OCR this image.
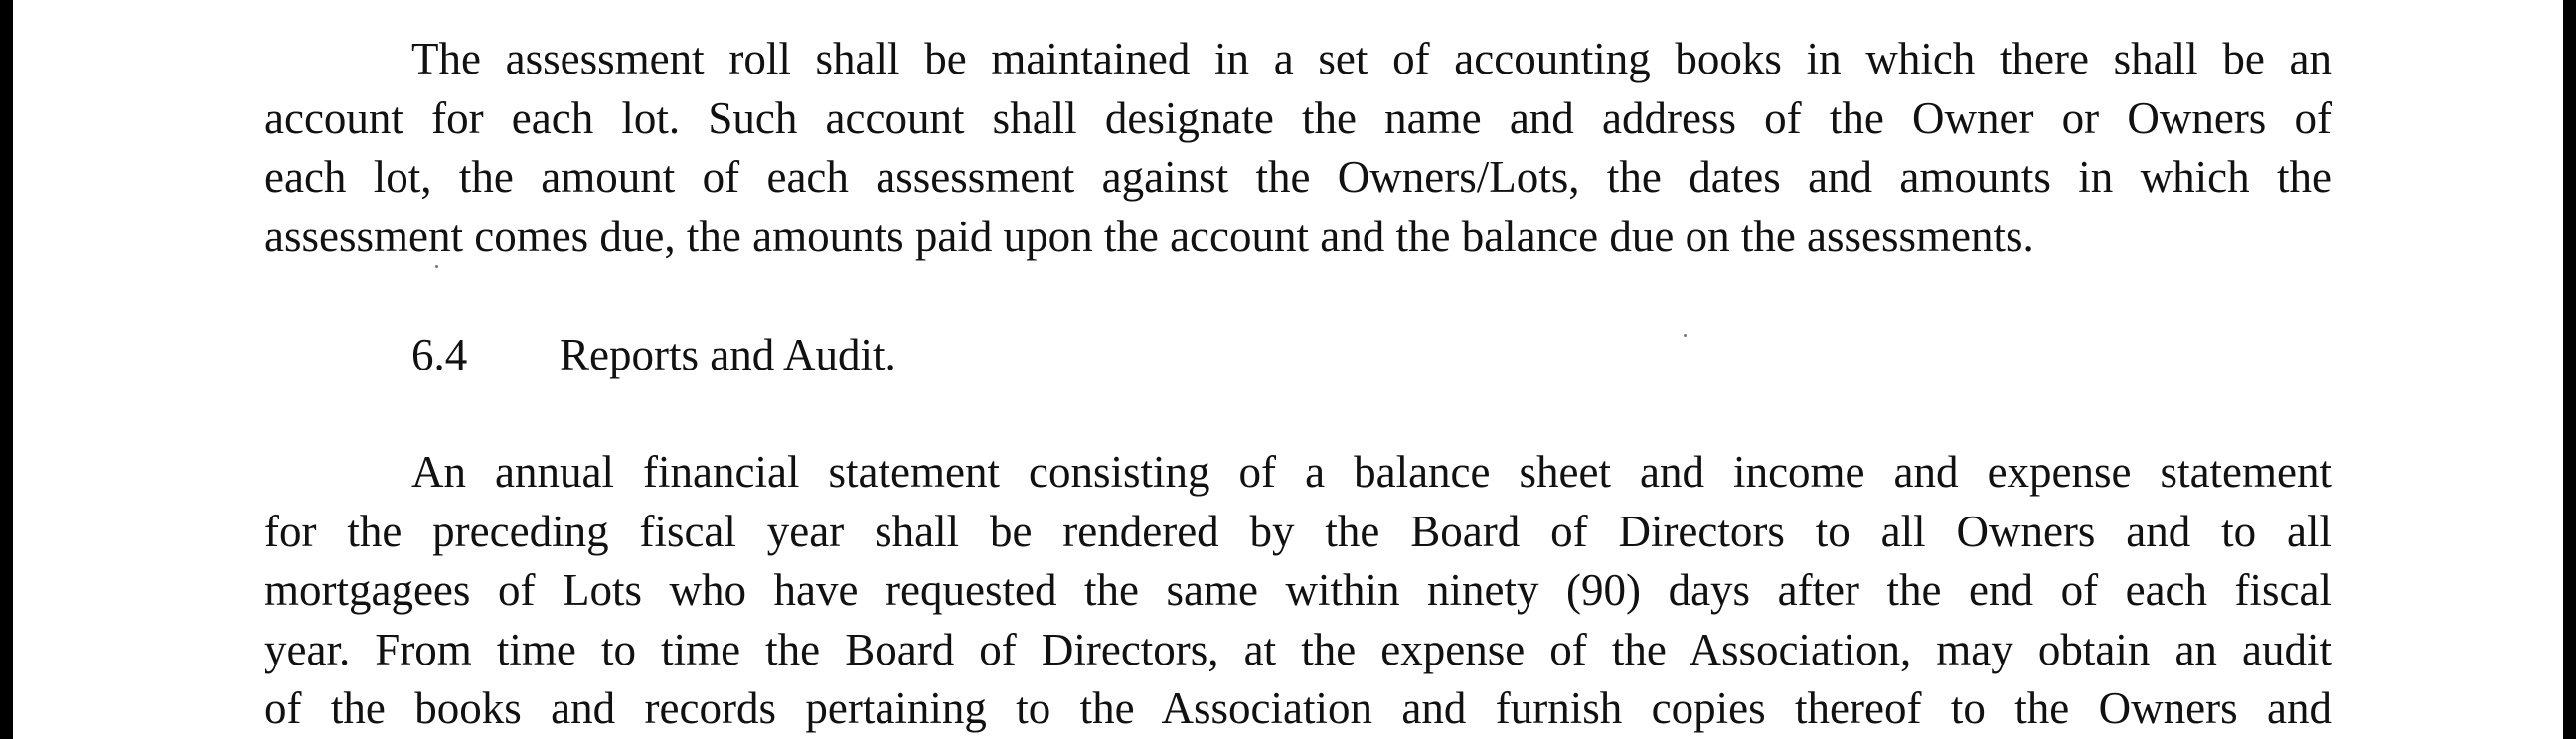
The assessment roll shall be maintained in a set of accounting books in which there shall be an
account for each lot. Such account shall designate the name and address of the Owner or Owners of
each lot, the amount of each assessment against the Owners/Lots, the dates and amounts in which the
assessment comes due, the amounts paid upon the account and the balance due on the assessments.
6.4 Reports and Audit.
An annual financial statement consisting of a balance sheet and income and expense statement
for the preceding fiscal year shall be rendered by the Board of Directors to all Owners and to all
mortgagees of Lots who have requested the same within ninety (90) days after the end of each fiscal
year. From time to time the Board of Directors, at the expense of the Association, may obtain an audit
of the books and records pertaining to the Association and furnish copies thereof to the Owners and
